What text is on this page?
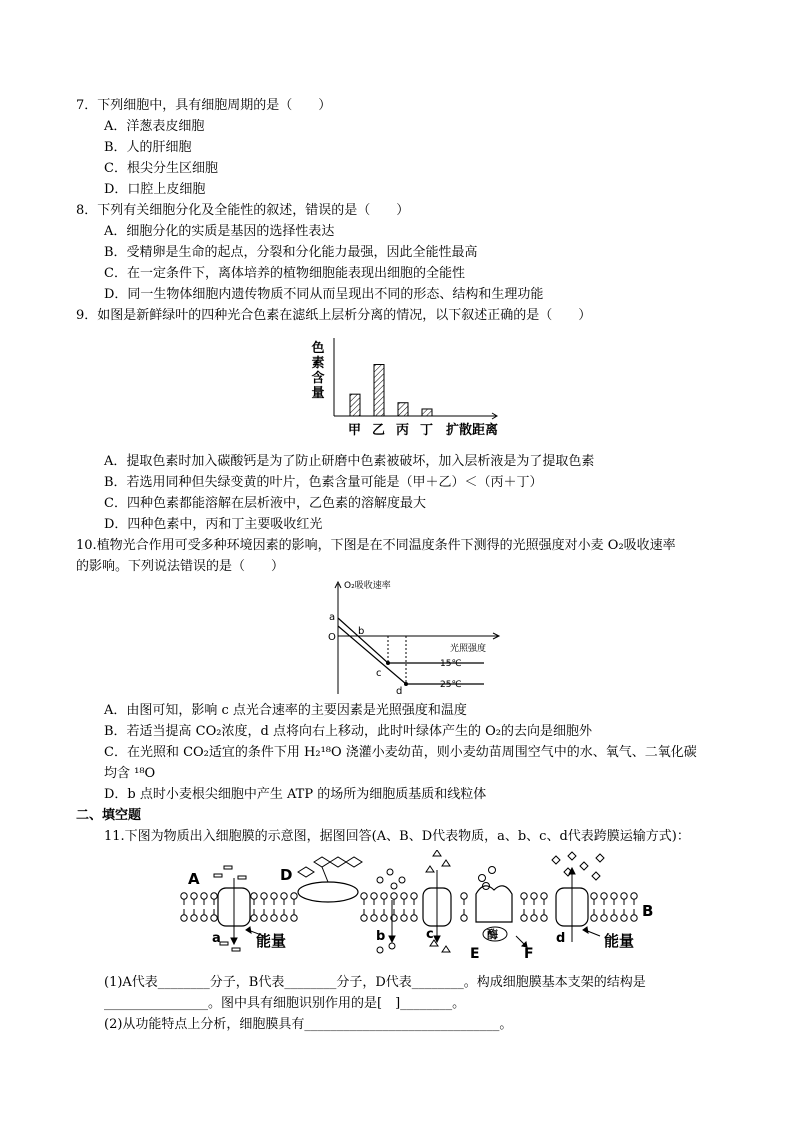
7．下列细胞中，具有细胞周期的是（　　）
A．洋葱表皮细胞
B．人的肝细胞
C．根尖分生区细胞
D．口腔上皮细胞
8．下列有关细胞分化及全能性的叙述，错误的是（　　）
A．细胞分化的实质是基因的选择性表达
B．受精卵是生命的起点，分裂和分化能力最强，因此全能性最高
C．在一定条件下，离体培养的植物细胞能表现出细胞的全能性
D．同一生物体细胞内遗传物质不同从而呈现出不同的形态、结构和生理功能
9．如图是新鲜绿叶的四种光合色素在滤纸上层析分离的情况，以下叙述正确的是（　　）
色
素
含
量
甲 乙 丙 丁 扩散距离
A．提取色素时加入碳酸钙是为了防止研磨中色素被破坏，加入层析液是为了提取色素
B．若选用同种但失绿变黄的叶片，色素含量可能是（甲＋乙）＜（丙＋丁）
C．四种色素都能溶解在层析液中，乙色素的溶解度最大
D．四种色素中，丙和丁主要吸收红光
10.植物光合作用可受多种环境因素的影响，下图是在不同温度条件下测得的光照强度对小麦 O₂吸收速率
的影响。下列说法错误的是（　　）
O₂吸收速率
光照强度
O
a
b
c
d
15℃
25℃
A．由图可知，影响 c 点光合速率的主要因素是光照强度和温度
B．若适当提高 CO₂浓度，d 点将向右上移动，此时叶绿体产生的 O₂的去向是细胞外
C．在光照和 CO₂适宜的条件下用 H₂¹⁸O 浇灌小麦幼苗，则小麦幼苗周围空气中的水、氧气、二氧化碳
均含 ¹⁸O
D．b 点时小麦根尖细胞中产生 ATP 的场所为细胞质基质和线粒体
二、填空题
11.下图为物质出入细胞膜的示意图，据图回答(A、B、D代表物质，a、b、c、d代表跨膜运输方式)：
A	D
B
a 能量	b	c	酶
E	F
d	能量
(1)A代表________分子，B代表________分子，D代表________。构成细胞膜基本支架的结构是
________________。图中具有细胞识别作用的是[　]________。
(2)从功能特点上分析，细胞膜具有______________________________。
